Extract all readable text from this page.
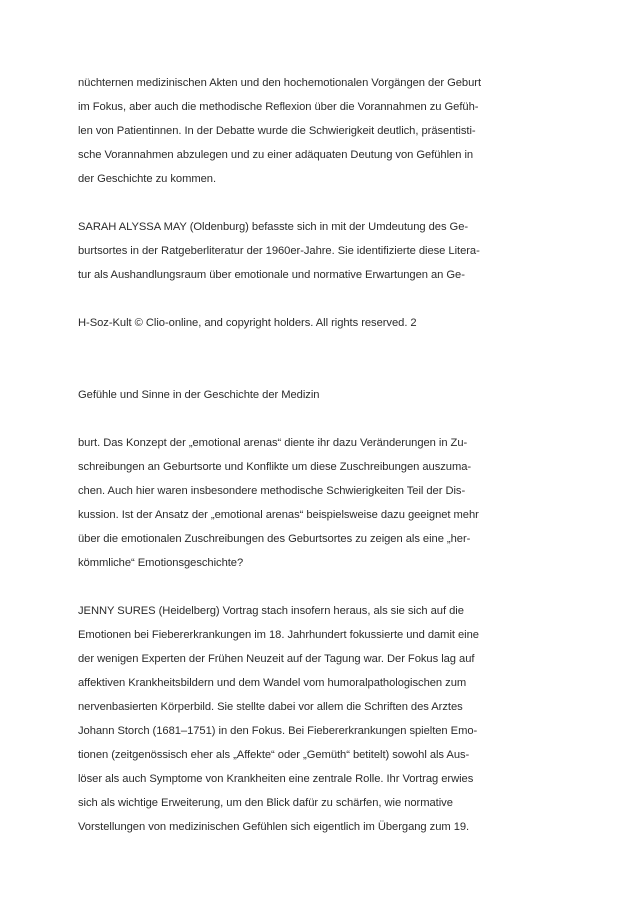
nüchternen medizinischen Akten und den hochemotionalen Vorgängen der Geburt
im Fokus, aber auch die methodische Reflexion über die Vorannahmen zu Gefüh-
len von Patientinnen. In der Debatte wurde die Schwierigkeit deutlich, präsentisti-
sche Vorannahmen abzulegen und zu einer adäquaten Deutung von Gefühlen in
der Geschichte zu kommen.
SARAH ALYSSA MAY (Oldenburg) befasste sich in mit der Umdeutung des Ge-
burtsortes in der Ratgeberliteratur der 1960er-Jahre. Sie identifizierte diese Litera-
tur als Aushandlungsraum über emotionale und normative Erwartungen an Ge-
H-Soz-Kult © Clio-online, and copyright holders. All rights reserved. 2
Gefühle und Sinne in der Geschichte der Medizin
burt. Das Konzept der „emotional arenas“ diente ihr dazu Veränderungen in Zu-
schreibungen an Geburtsorte und Konflikte um diese Zuschreibungen auszuma-
chen. Auch hier waren insbesondere methodische Schwierigkeiten Teil der Dis-
kussion. Ist der Ansatz der „emotional arenas“ beispielsweise dazu geeignet mehr
über die emotionalen Zuschreibungen des Geburtsortes zu zeigen als eine „her-
kömmliche“ Emotionsgeschichte?
JENNY SURES (Heidelberg) Vortrag stach insofern heraus, als sie sich auf die
Emotionen bei Fiebererkrankungen im 18. Jahrhundert fokussierte und damit eine
der wenigen Experten der Frühen Neuzeit auf der Tagung war. Der Fokus lag auf
affektiven Krankheitsbildern und dem Wandel vom humoralpathologischen zum
nervenbasierten Körperbild. Sie stellte dabei vor allem die Schriften des Arztes
Johann Storch (1681–1751) in den Fokus. Bei Fiebererkrankungen spielten Emo-
tionen (zeitgenössisch eher als „Affekte“ oder „Gemüth“ betitelt) sowohl als Aus-
löser als auch Symptome von Krankheiten eine zentrale Rolle. Ihr Vortrag erwies
sich als wichtige Erweiterung, um den Blick dafür zu schärfen, wie normative
Vorstellungen von medizinischen Gefühlen sich eigentlich im Übergang zum 19.
